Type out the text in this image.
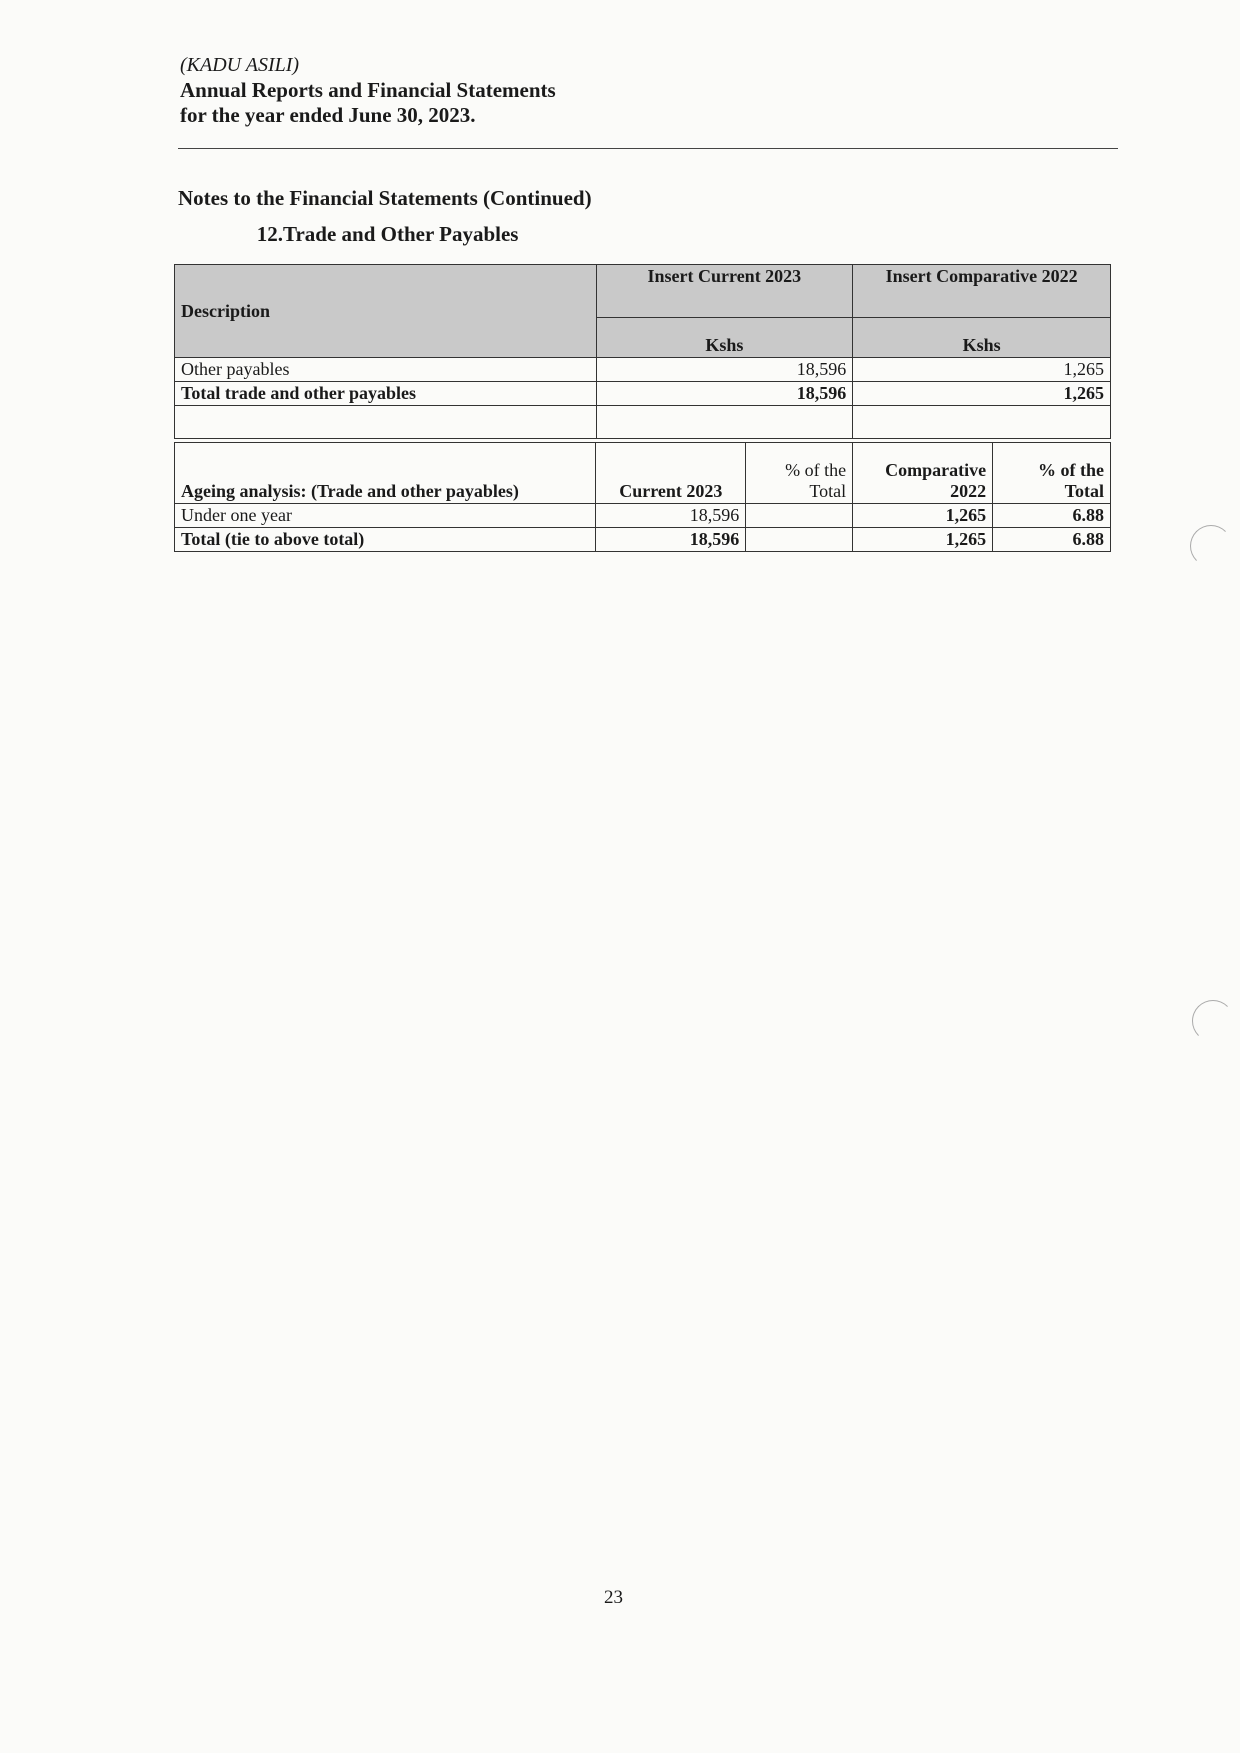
(KADU ASILI)
Annual Reports and Financial Statements
for the year ended June 30, 2023.
Notes to the Financial Statements (Continued)
12. Trade and Other Payables
Description	Insert Current 2023	Insert Comparative 2022
	Kshs	Kshs
Other payables	18,596	1,265
Total trade and other payables	18,596	1,265

Ageing analysis: (Trade and other payables)	Current 2023	% of the Total	Comparative 2022	% of the Total
Under one year	18,596		1,265	6.88
Total (tie to above total)	18,596		1,265	6.88
23
